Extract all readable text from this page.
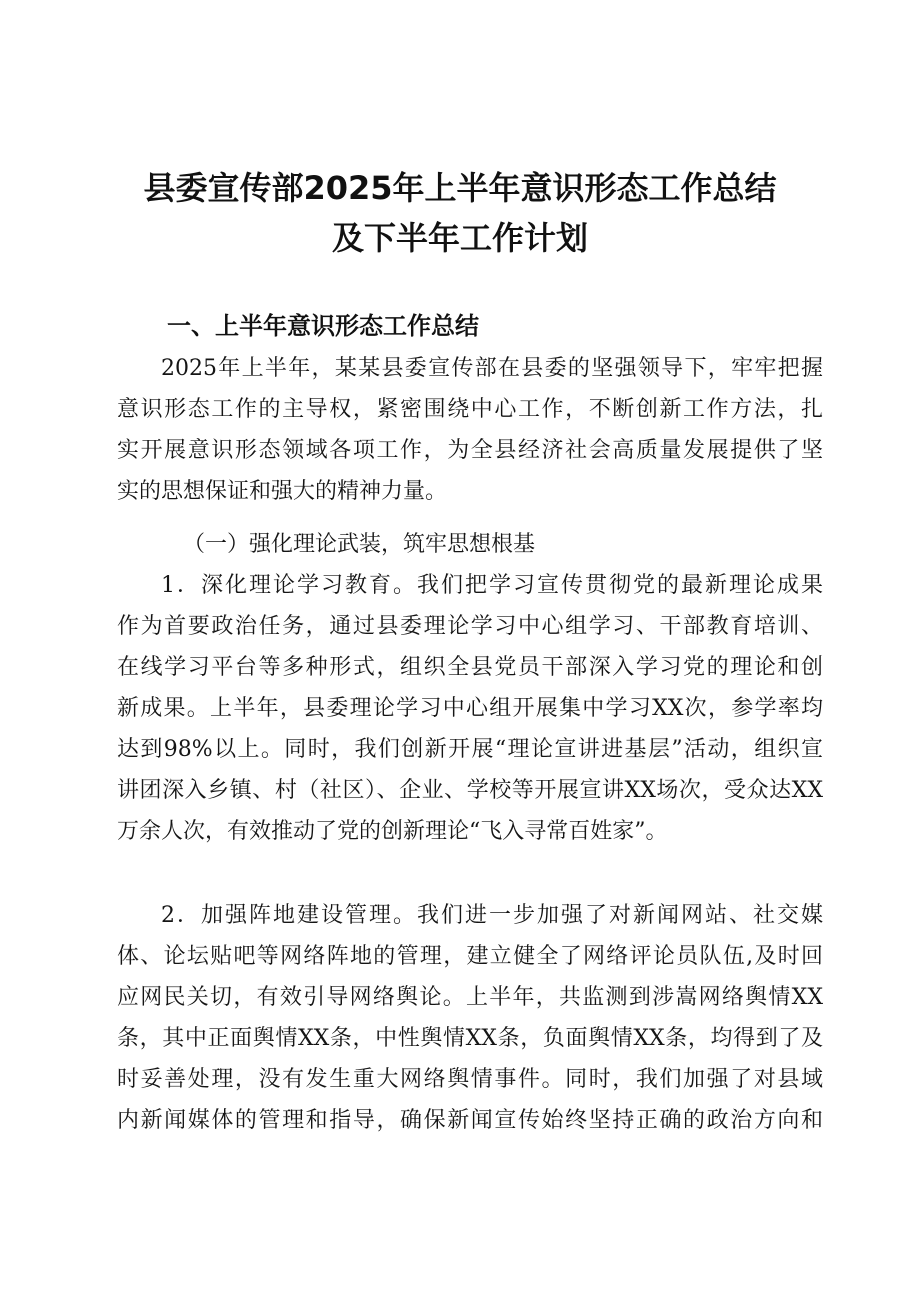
县委宣传部2025年上半年意识形态工作总结
及下半年工作计划
一、上半年意识形态工作总结
2025年上半年，某某县委宣传部在县委的坚强领导下，牢牢把握
意识形态工作的主导权，紧密围绕中心工作，不断创新工作方法，扎
实开展意识形态领域各项工作，为全县经济社会高质量发展提供了坚
实的思想保证和强大的精神力量。
（一）强化理论武装，筑牢思想根基
1．深化理论学习教育。我们把学习宣传贯彻党的最新理论成果
作为首要政治任务，通过县委理论学习中心组学习、干部教育培训、
在线学习平台等多种形式，组织全县党员干部深入学习党的理论和创
新成果。上半年，县委理论学习中心组开展集中学习XX次，参学率均
达到98%以上。同时，我们创新开展“理论宣讲进基层”活动，组织宣
讲团深入乡镇、村（社区）、企业、学校等开展宣讲XX场次，受众达XX
万余人次，有效推动了党的创新理论“飞入寻常百姓家”。
2．加强阵地建设管理。我们进一步加强了对新闻网站、社交媒
体、论坛贴吧等网络阵地的管理，建立健全了网络评论员队伍,及时回
应网民关切，有效引导网络舆论。上半年，共监测到涉嵩网络舆情XX
条，其中正面舆情XX条，中性舆情XX条，负面舆情XX条，均得到了及
时妥善处理，没有发生重大网络舆情事件。同时，我们加强了对县域
内新闻媒体的管理和指导，确保新闻宣传始终坚持正确的政治方向和
